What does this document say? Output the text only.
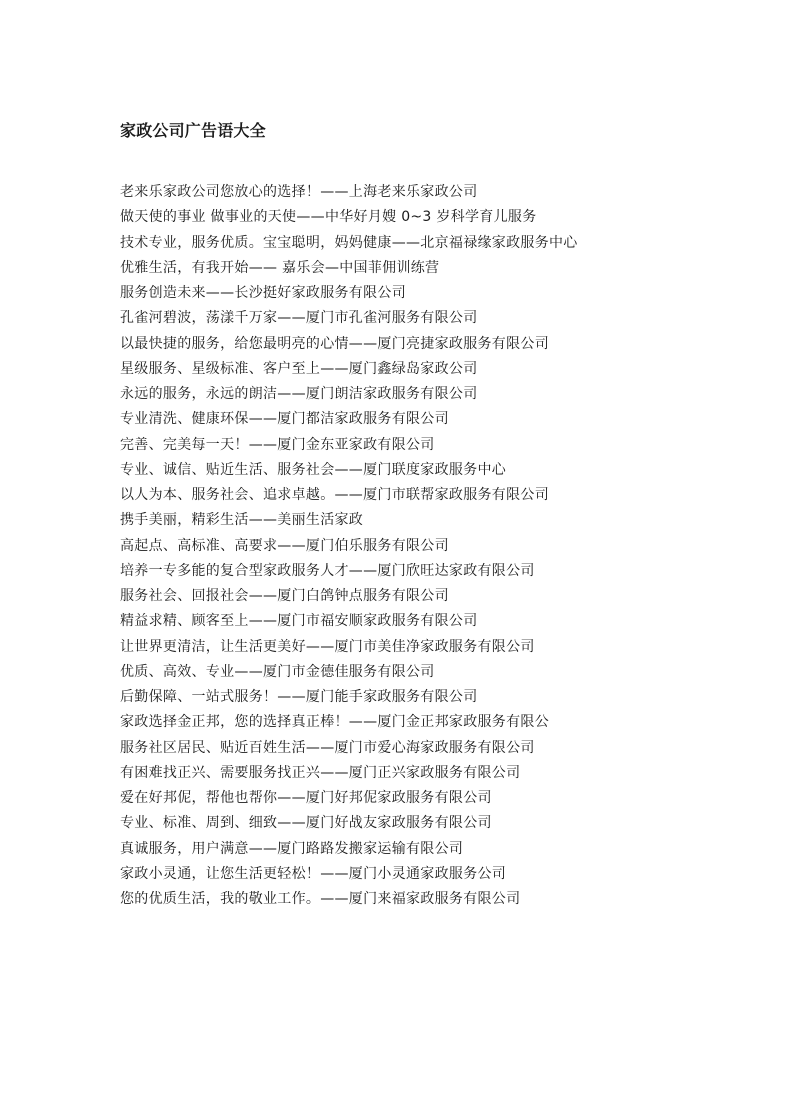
家政公司广告语大全
老来乐家政公司您放心的选择！——上海老来乐家政公司
做天使的事业 做事业的天使——中华好月嫂 0~3 岁科学育儿服务
技术专业，服务优质。宝宝聪明，妈妈健康——北京福禄缘家政服务中心
优雅生活，有我开始—— 嘉乐会—中国菲佣训练营
服务创造未来——长沙挺好家政服务有限公司
孔雀河碧波，荡漾千万家——厦门市孔雀河服务有限公司
以最快捷的服务，给您最明亮的心情——厦门亮捷家政服务有限公司
星级服务、星级标准、客户至上——厦门鑫绿岛家政公司
永远的服务，永远的朗洁——厦门朗洁家政服务有限公司
专业清洗、健康环保——厦门都洁家政服务有限公司
完善、完美每一天！——厦门金东亚家政有限公司
专业、诚信、贴近生活、服务社会——厦门联度家政服务中心
以人为本、服务社会、追求卓越。——厦门市联帮家政服务有限公司
携手美丽，精彩生活——美丽生活家政
高起点、高标准、高要求——厦门伯乐服务有限公司
培养一专多能的复合型家政服务人才——厦门欣旺达家政有限公司
服务社会、回报社会——厦门白鸽钟点服务有限公司
精益求精、顾客至上——厦门市福安顺家政服务有限公司
让世界更清洁，让生活更美好——厦门市美佳净家政服务有限公司
优质、高效、专业——厦门市金德佳服务有限公司
后勤保障、一站式服务！——厦门能手家政服务有限公司
家政选择金正邦，您的选择真正棒！——厦门金正邦家政服务有限公
服务社区居民、贴近百姓生活——厦门市爱心海家政服务有限公司
有困难找正兴、需要服务找正兴——厦门正兴家政服务有限公司
爱在好邦伲，帮他也帮你——厦门好邦伲家政服务有限公司
专业、标准、周到、细致——厦门好战友家政服务有限公司
真诚服务，用户满意——厦门路路发搬家运输有限公司
家政小灵通，让您生活更轻松！——厦门小灵通家政服务公司
您的优质生活，我的敬业工作。——厦门来福家政服务有限公司
